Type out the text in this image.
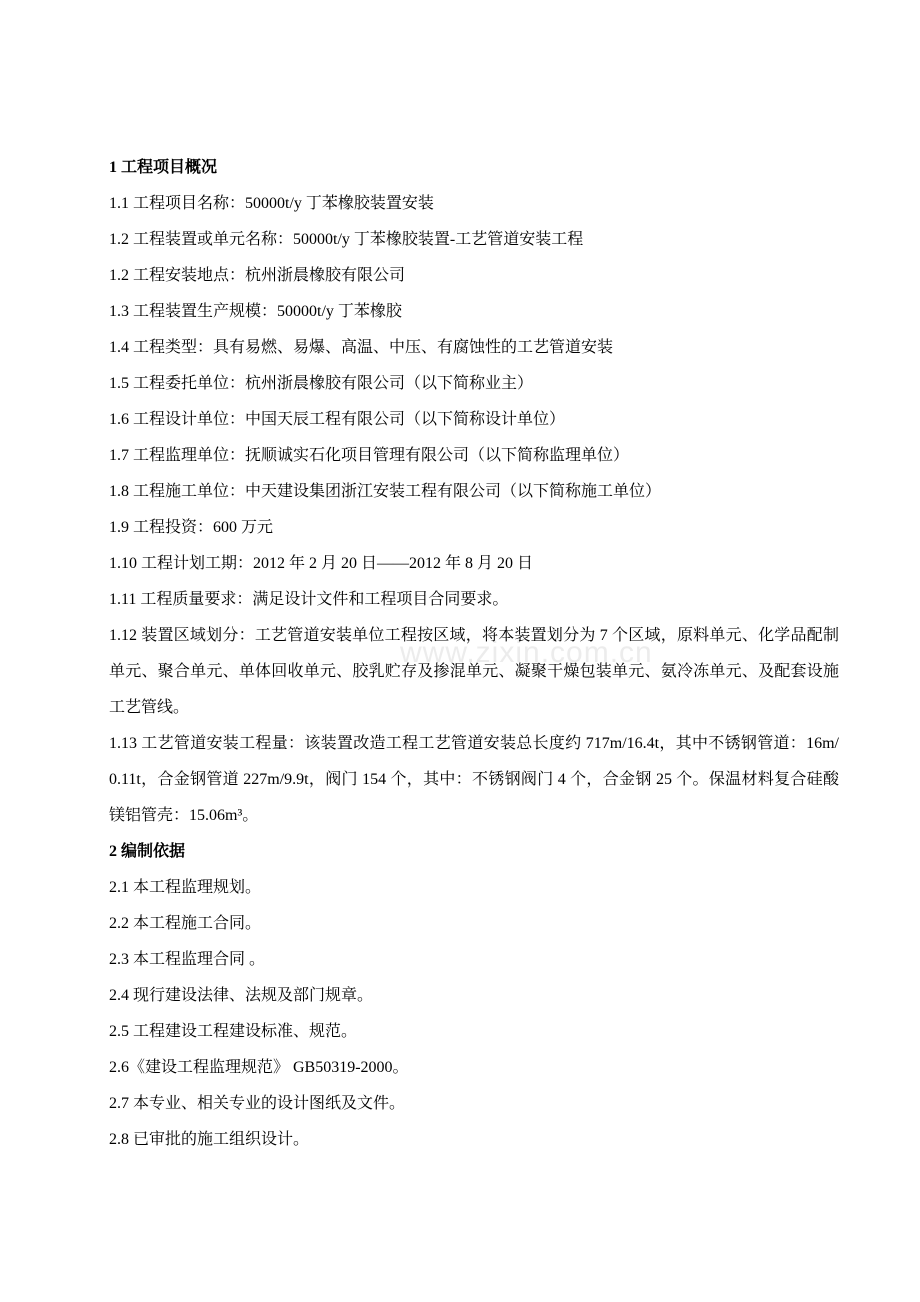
www.zixin.com.cn
1 工程项目概况
1.1 工程项目名称：50000t/y 丁苯橡胶装置安装
1.2 工程装置或单元名称：50000t/y 丁苯橡胶装置-工艺管道安装工程
1.2 工程安装地点：杭州浙晨橡胶有限公司
1.3 工程装置生产规模：50000t/y 丁苯橡胶
1.4 工程类型：具有易燃、易爆、高温、中压、有腐蚀性的工艺管道安装
1.5 工程委托单位：杭州浙晨橡胶有限公司（以下简称业主）
1.6 工程设计单位：中国天辰工程有限公司（以下简称设计单位）
1.7 工程监理单位：抚顺诚实石化项目管理有限公司（以下简称监理单位）
1.8 工程施工单位：中天建设集团浙江安装工程有限公司（以下简称施工单位）
1.9 工程投资：600 万元
1.10 工程计划工期：2012 年 2 月 20 日——2012 年 8 月 20 日
1.11 工程质量要求：满足设计文件和工程项目合同要求。
1.12 装置区域划分：工艺管道安装单位工程按区域，将本装置划分为 7 个区域，原料单元、化学品配制单元、聚合单元、单体回收单元、胶乳贮存及掺混单元、凝聚干燥包装单元、氨冷冻单元、及配套设施工艺管线。
1.13 工艺管道安装工程量：该装置改造工程工艺管道安装总长度约 717m/16.4t，其中不锈钢管道：16m/0.11t，合金钢管道 227m/9.9t，阀门 154 个，其中：不锈钢阀门 4 个，合金钢 25 个。保温材料复合硅酸镁铝管壳：15.06m³。
2 编制依据
2.1 本工程监理规划。
2.2 本工程施工合同。
2.3 本工程监理合同 。
2.4 现行建设法律、法规及部门规章。
2.5 工程建设工程建设标准、规范。
2.6《建设工程监理规范》 GB50319-2000。
2.7 本专业、相关专业的设计图纸及文件。
2.8 已审批的施工组织设计。
